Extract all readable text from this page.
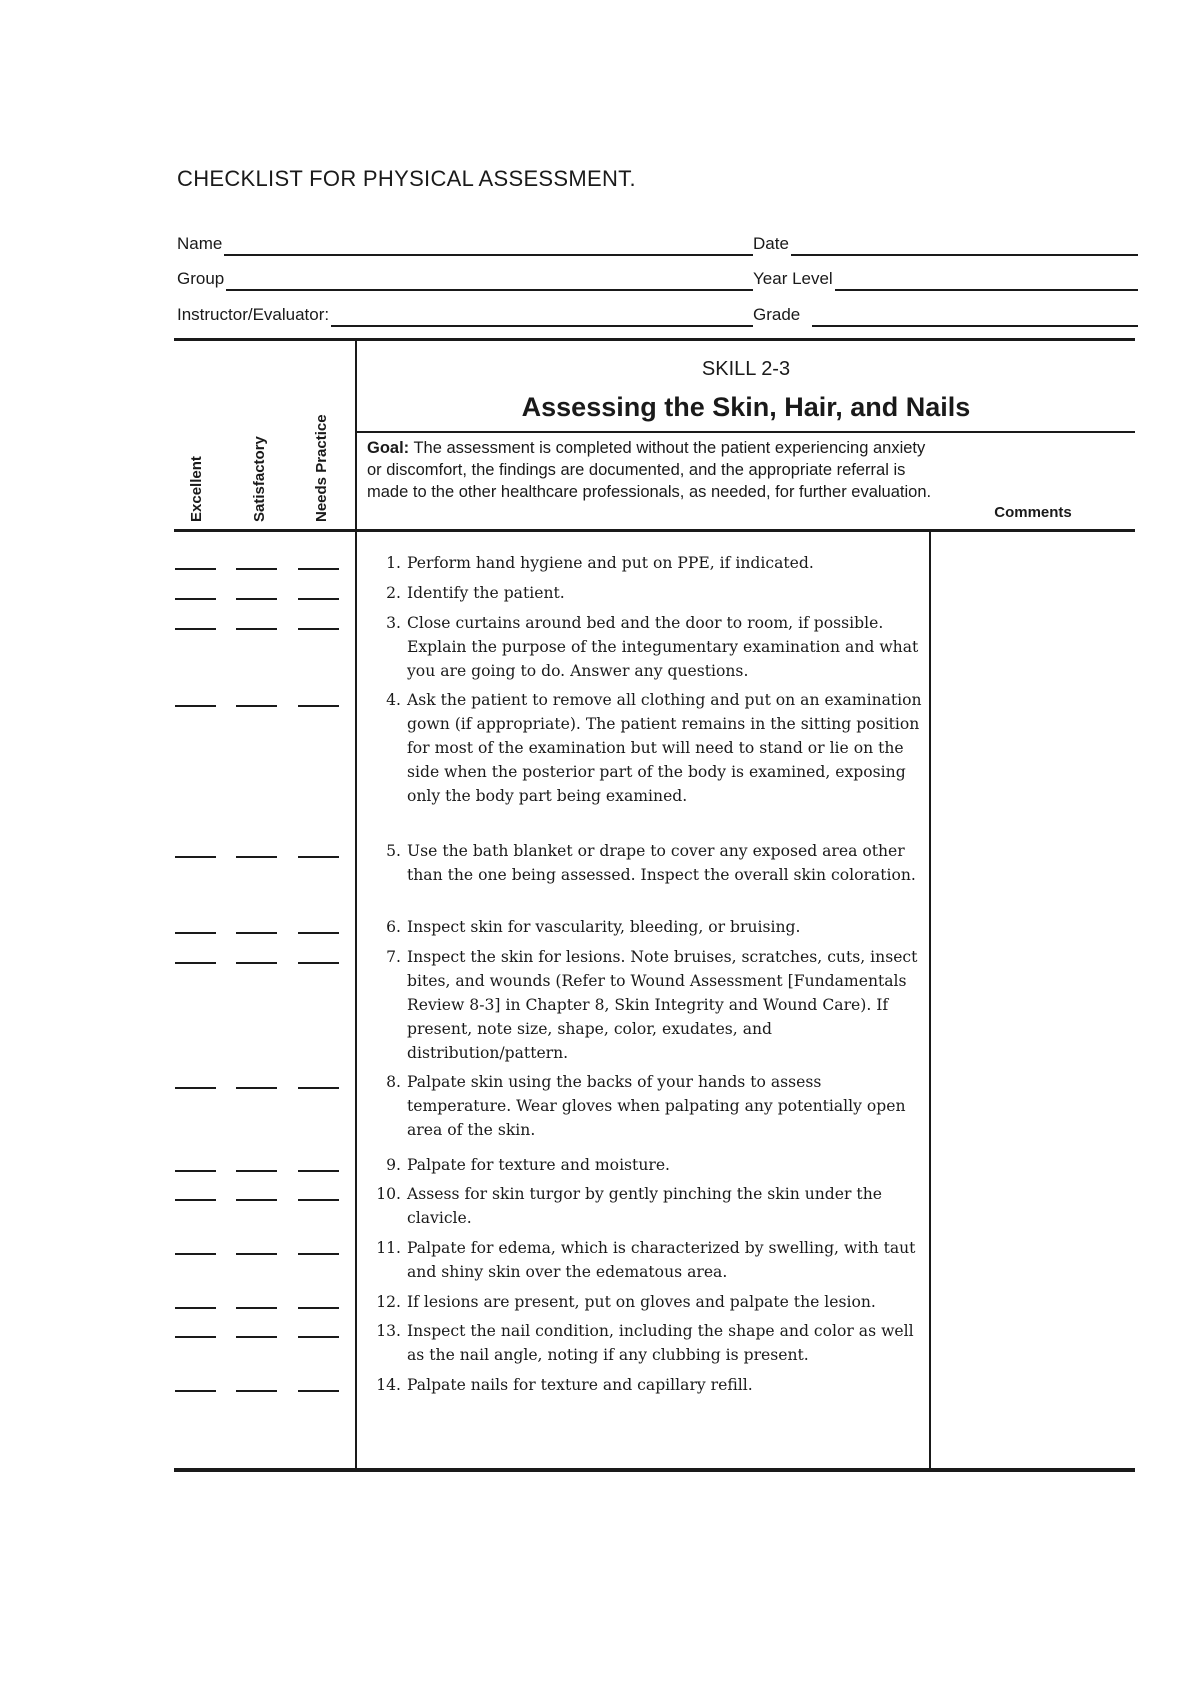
CHECKLIST FOR PHYSICAL ASSESSMENT.
Name	Date
Group	Year Level
Instructor/Evaluator:	Grade
Excellent	Satisfactory	Needs Practice
SKILL 2-3
Assessing the Skin, Hair, and Nails
Goal: The assessment is completed without the patient experiencing anxiety or discomfort, the findings are documented, and the appropriate referral is made to the other healthcare professionals, as needed, for further evaluation.
Comments
1. Perform hand hygiene and put on PPE, if indicated.
2. Identify the patient.
3. Close curtains around bed and the door to room, if possible. Explain the purpose of the integumentary examination and what you are going to do. Answer any questions.
4. Ask the patient to remove all clothing and put on an examination gown (if appropriate). The patient remains in the sitting position for most of the examination but will need to stand or lie on the side when the posterior part of the body is examined, exposing only the body part being examined.
5. Use the bath blanket or drape to cover any exposed area other than the one being assessed. Inspect the overall skin coloration.
6. Inspect skin for vascularity, bleeding, or bruising.
7. Inspect the skin for lesions. Note bruises, scratches, cuts, insect bites, and wounds (Refer to Wound Assessment [Fundamentals Review 8-3] in Chapter 8, Skin Integrity and Wound Care). If present, note size, shape, color, exudates, and distribution/pattern.
8. Palpate skin using the backs of your hands to assess temperature. Wear gloves when palpating any potentially open area of the skin.
9. Palpate for texture and moisture.
10. Assess for skin turgor by gently pinching the skin under the clavicle.
11. Palpate for edema, which is characterized by swelling, with taut and shiny skin over the edematous area.
12. If lesions are present, put on gloves and palpate the lesion.
13. Inspect the nail condition, including the shape and color as well as the nail angle, noting if any clubbing is present.
14. Palpate nails for texture and capillary refill.
